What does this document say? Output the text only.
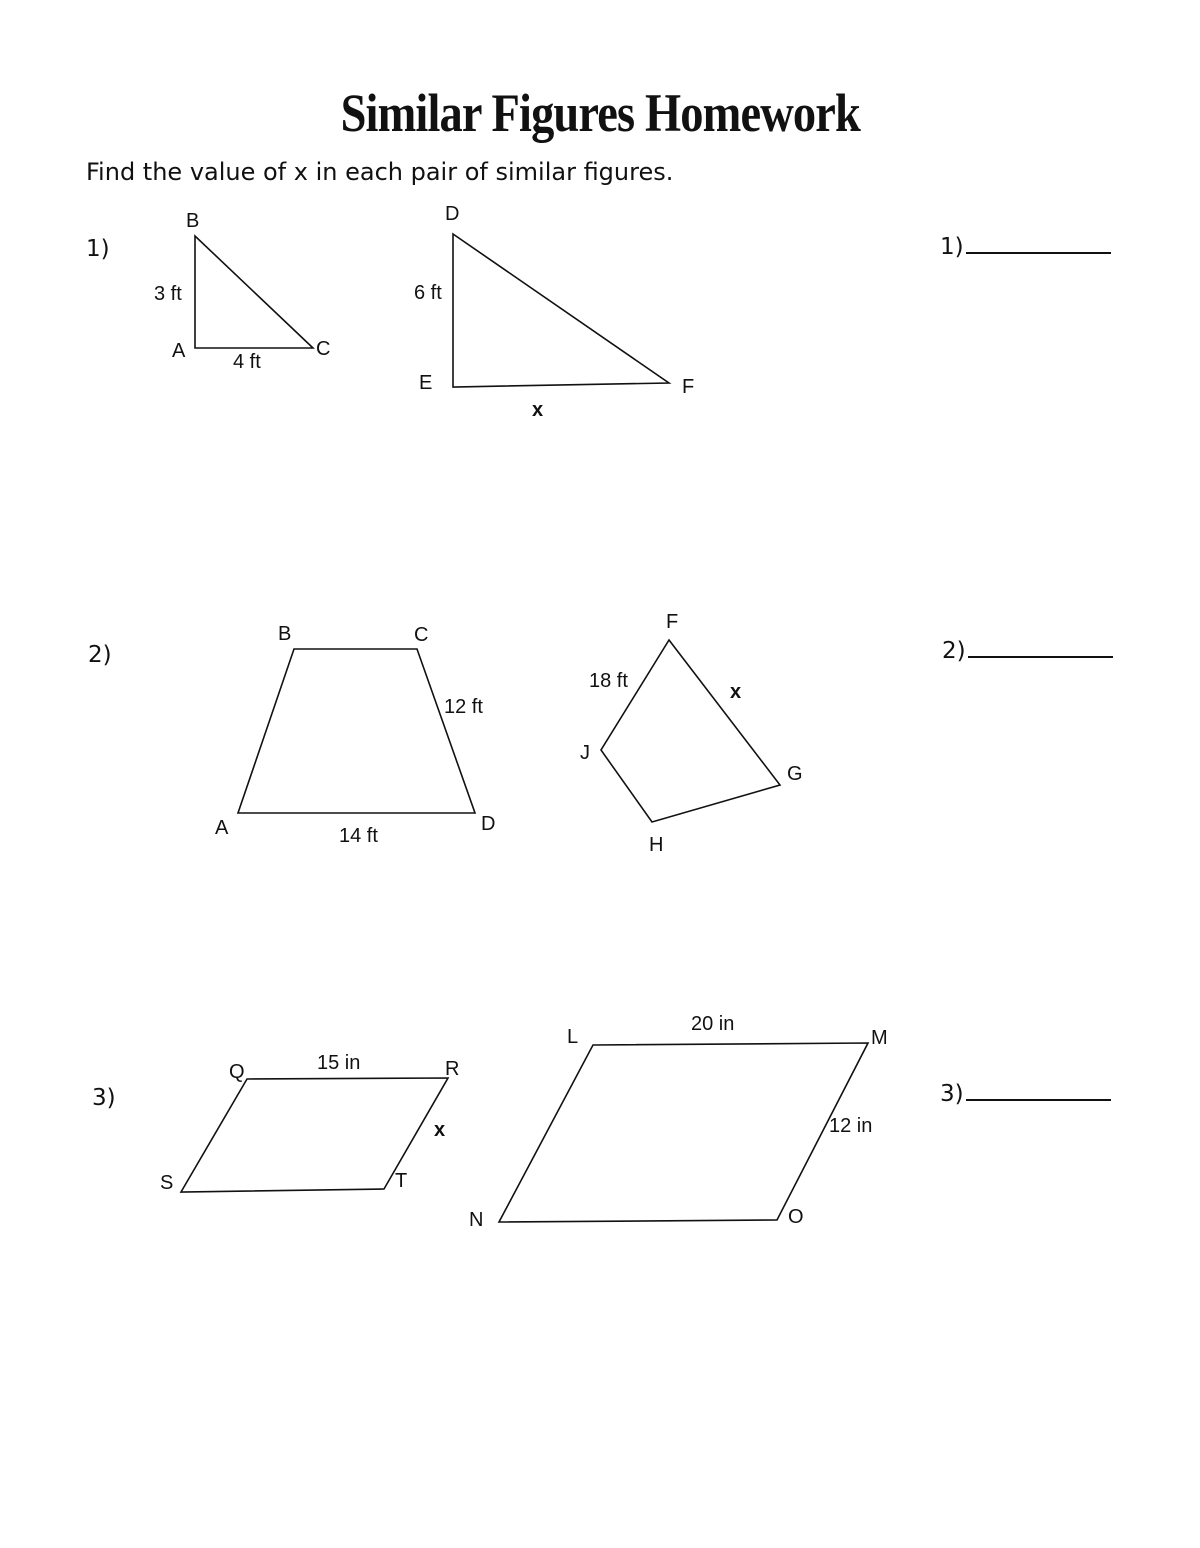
Similar Figures Homework

Find the value of x in each pair of similar figures.

1)
2)
3)
1)
2)
3)
B
A	C
3 ft
4 ft
D
E	F
6 ft
x
B	C
A	D
12 ft
14 ft
F
G
H
J
18 ft	x
Q	R
S	T
15 in
x
L	M
N	O
20 in
12 in
